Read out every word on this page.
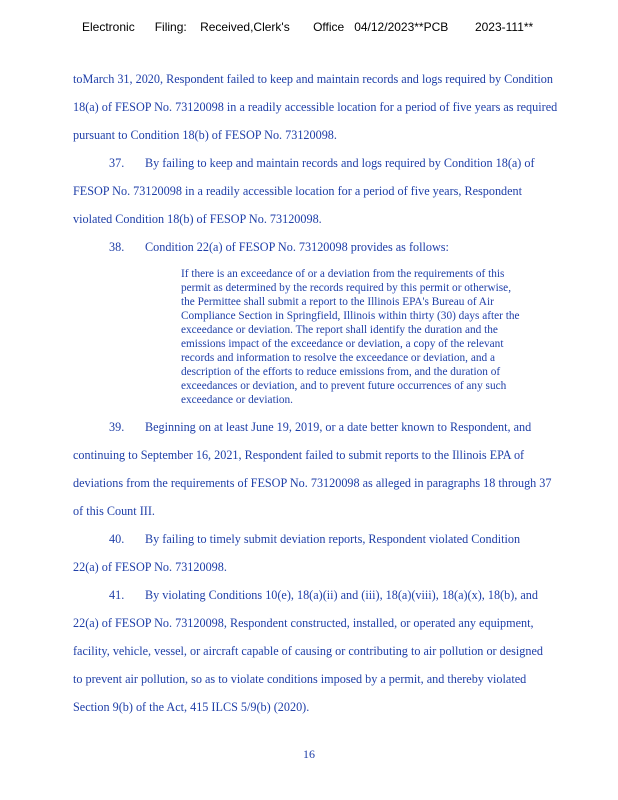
Electronic Filing: Received,Clerk's Office 04/12/2023**PCB 2023-111**
toMarch 31, 2020, Respondent failed to keep and maintain records and logs required by Condition
18(a) of FESOP No. 73120098 in a readily accessible location for a period of five years as required
pursuant to Condition 18(b) of FESOP No. 73120098.
37. By failing to keep and maintain records and logs required by Condition 18(a) of
FESOP No. 73120098 in a readily accessible location for a period of five years, Respondent
violated Condition 18(b) of FESOP No. 73120098.
38. Condition 22(a) of FESOP No. 73120098 provides as follows:
If there is an exceedance of or a deviation from the requirements of this
permit as determined by the records required by this permit or otherwise,
the Permittee shall submit a report to the Illinois EPA's Bureau of Air
Compliance Section in Springfield, Illinois within thirty (30) days after the
exceedance or deviation. The report shall identify the duration and the
emissions impact of the exceedance or deviation, a copy of the relevant
records and information to resolve the exceedance or deviation, and a
description of the efforts to reduce emissions from, and the duration of
exceedances or deviation, and to prevent future occurrences of any such
exceedance or deviation.
39. Beginning on at least June 19, 2019, or a date better known to Respondent, and
continuing to September 16, 2021, Respondent failed to submit reports to the Illinois EPA of
deviations from the requirements of FESOP No. 73120098 as alleged in paragraphs 18 through 37
of this Count III.
40. By failing to timely submit deviation reports, Respondent violated Condition
22(a) of FESOP No. 73120098.
41. By violating Conditions 10(e), 18(a)(ii) and (iii), 18(a)(viii), 18(a)(x), 18(b), and
22(a) of FESOP No. 73120098, Respondent constructed, installed, or operated any equipment,
facility, vehicle, vessel, or aircraft capable of causing or contributing to air pollution or designed
to prevent air pollution, so as to violate conditions imposed by a permit, and thereby violated
Section 9(b) of the Act, 415 ILCS 5/9(b) (2020).
16
